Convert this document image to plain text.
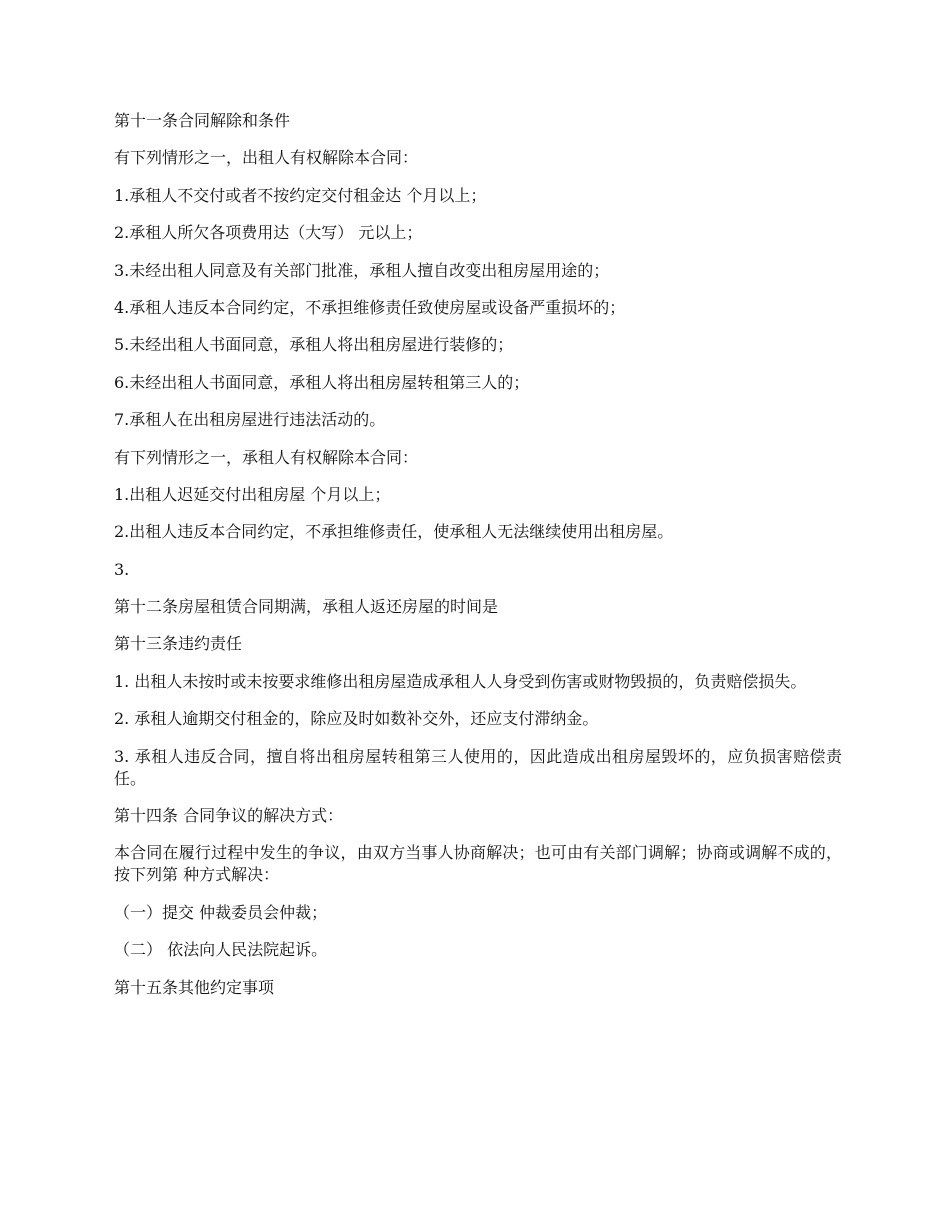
第十一条合同解除和条件

有下列情形之一，出租人有权解除本合同：

1.承租人不交付或者不按约定交付租金达 个月以上；

2.承租人所欠各项费用达（大写） 元以上；

3.未经出租人同意及有关部门批准，承租人擅自改变出租房屋用途的；

4.承租人违反本合同约定，不承担维修责任致使房屋或设备严重损坏的；

5.未经出租人书面同意，承租人将出租房屋进行装修的；

6.未经出租人书面同意，承租人将出租房屋转租第三人的；

7.承租人在出租房屋进行违法活动的。

有下列情形之一，承租人有权解除本合同：

1.出租人迟延交付出租房屋 个月以上；

2.出租人违反本合同约定，不承担维修责任，使承租人无法继续使用出租房屋。

3.

第十二条房屋租赁合同期满，承租人返还房屋的时间是

第十三条违约责任

1. 出租人未按时或未按要求维修出租房屋造成承租人人身受到伤害或财物毁损的，负责赔偿损失。

2. 承租人逾期交付租金的，除应及时如数补交外，还应支付滞纳金。

3. 承租人违反合同，擅自将出租房屋转租第三人使用的，因此造成出租房屋毁坏的，应负损害赔偿责任。

第十四条 合同争议的解决方式：

本合同在履行过程中发生的争议，由双方当事人协商解决；也可由有关部门调解；协商或调解不成的，按下列第 种方式解决：

（一）提交 仲裁委员会仲裁；

（二） 依法向人民法院起诉。

第十五条其他约定事项
